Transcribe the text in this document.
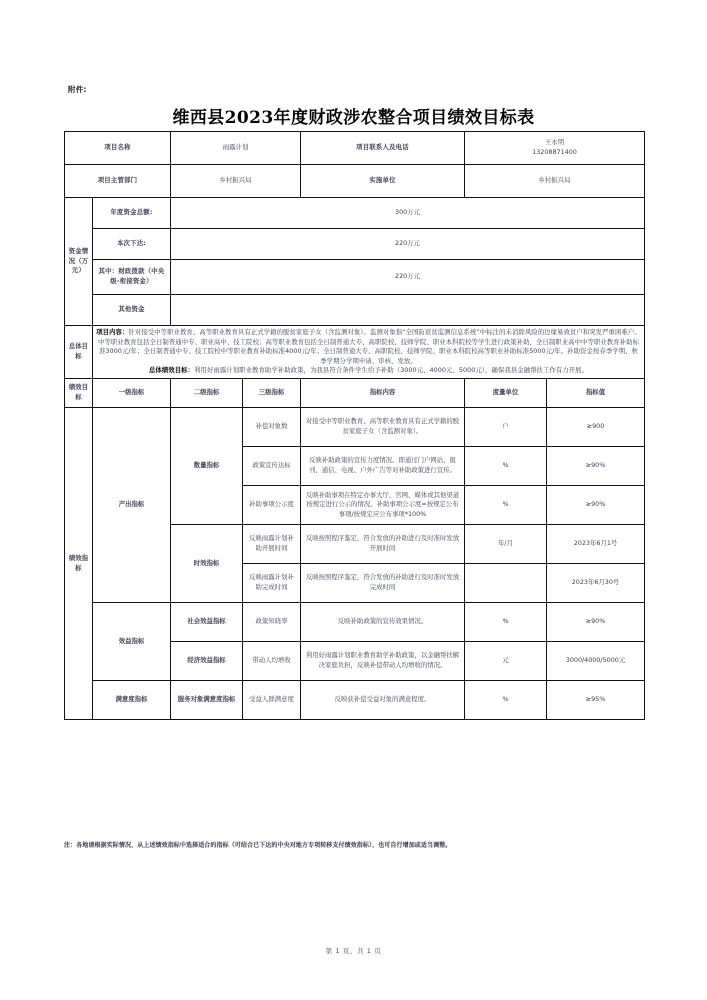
附件:
维西县2023年度财政涉农整合项目绩效目标表
项目名称		雨露计划		项目联系人及电话	王永明
13208871400	

项目主管部门		乡村振兴局		实施单位	乡村振兴局	
资金情况（万元）	年度资金总额:	300万元				
	本次下达:	220万元				
	其中：财政拨款（中央级-衔接资金）	220万元				
	其他资金					
总体目标	项目内容：针对接受中等职业教育、高等职业教育具有正式学籍的脱贫家庭子女（含监测对象）。监测对象指“全国防返贫监测信息系统”中标注的未消除风险的边缘易致贫户和突发严重困难户。中等职业教育包括全日制普通中专、职业高中、技工院校；高等职业教育包括全日制普通大专、高职院校、技师学院、职业本科院校等学生进行政策补助，全日制职业高中中等职业教育补助标准3000元/年；全日制普通中专、技工院校中等职业教育补助标准4000元/年；全日制普通大专、高职院校、技师学院、职业本科院校高等职业补助标准5000元/年。补助资金按春季学期、秋季学期分学期申请、审核、发放。
总体绩效目标：利用好雨露计划职业教育助学补助政策，为我县符合条件学生给予补助（3000元、4000元、5000元），确保我县金融帮扶工作有力开展。					

绩效目标	一级指标	二级指标	三级指标	指标内容	度量单位	指标值
绩效指标	产出指标	数量指标	补偿对象数	对接受中等职业教育、高等职业教育具有正式学籍的脱贫家庭子女（含监测对象）。	户	≥900
			政策宣传达标	反映补助政策的宣传力度情况。即通过门户网站、报刊、通信、电视、户外广告等对补助政策进行宣传。	%	≥90%
			补助事项公示度	反映补助事项在特定办事大厅、官网、媒体或其他渠道按规定进行公示的情况。补助事项公示度=按规定公布事项/按规定应公布事项*100%	%	≥90%
		时效指标	反映雨露计划补助开展时间	反映按照程序鉴定，符合发放的补助进行及时准时发放开展时间	年/月	2023年6月1号
			反映雨露计划补助完成时间	反映按照程序鉴定，符合发放的补助进行及时准时发放完成时间		2023年6月30号
	效益指标	社会效益指标	政策知晓率	反映补助政策的宣传效果情况。	%	≥90%
		经济效益指标	带动人均增收	利用好雨露计划职业教育助学补助政策，以金融帮扶解决家庭负担，反映补偿带动人均增收的情况。	元	3000/4000/5000元
	满意度指标	服务对象满意度指标	受益人群满意度	反映获补偿受益对象的满意程度。	%	≥95%
注：各地请根据实际情况，从上述绩效指标中选择适合的指标（可结合已下达的中央对地方专项转移支付绩效指标），也可自行增加或适当调整。
第 1 页，共 1 页
